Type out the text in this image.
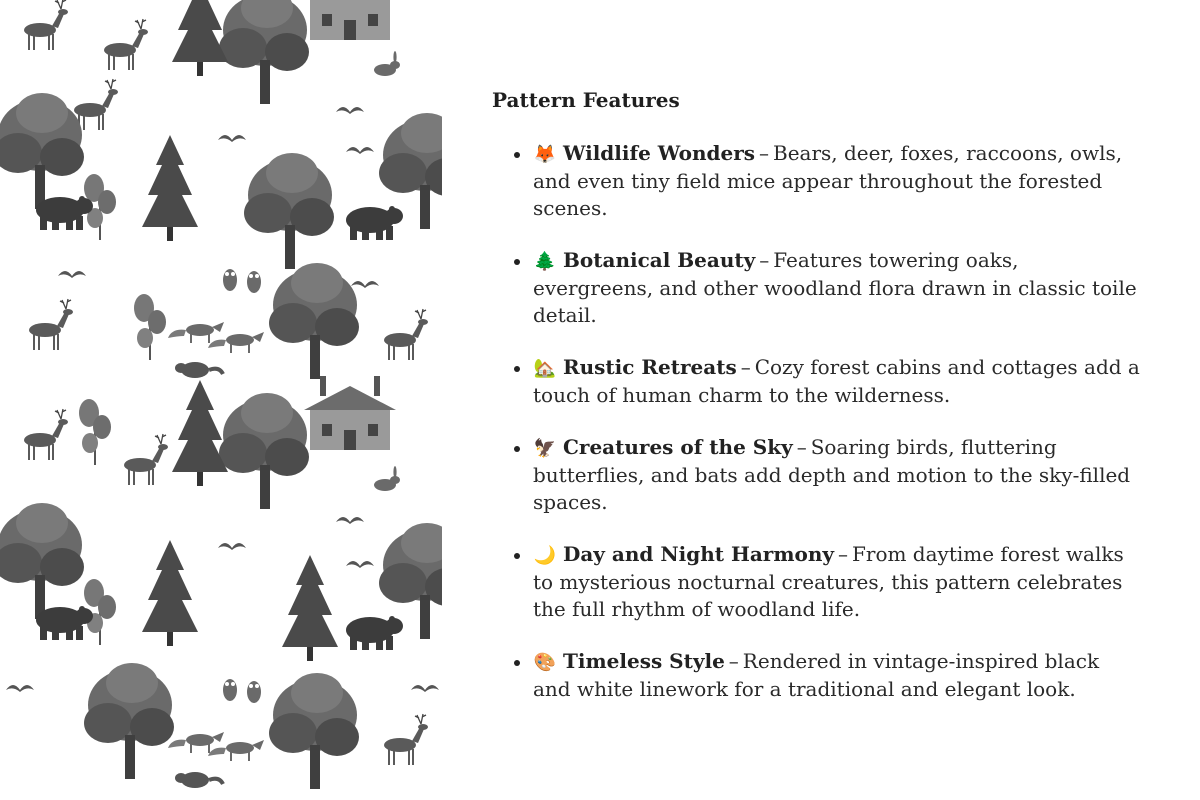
Pattern Features
🦊 Wildlife Wonders – Bears, deer, foxes, raccoons, owls, and even tiny field mice appear throughout the forested scenes.
🌲 Botanical Beauty – Features towering oaks, evergreens, and other woodland flora drawn in classic toile detail.
🏡 Rustic Retreats – Cozy forest cabins and cottages add a touch of human charm to the wilderness.
🦅 Creatures of the Sky – Soaring birds, fluttering butterflies, and bats add depth and motion to the sky-filled spaces.
🌙 Day and Night Harmony – From daytime forest walks to mysterious nocturnal creatures, this pattern celebrates the full rhythm of woodland life.
🎨 Timeless Style – Rendered in vintage-inspired black and white linework for a traditional and elegant look.
